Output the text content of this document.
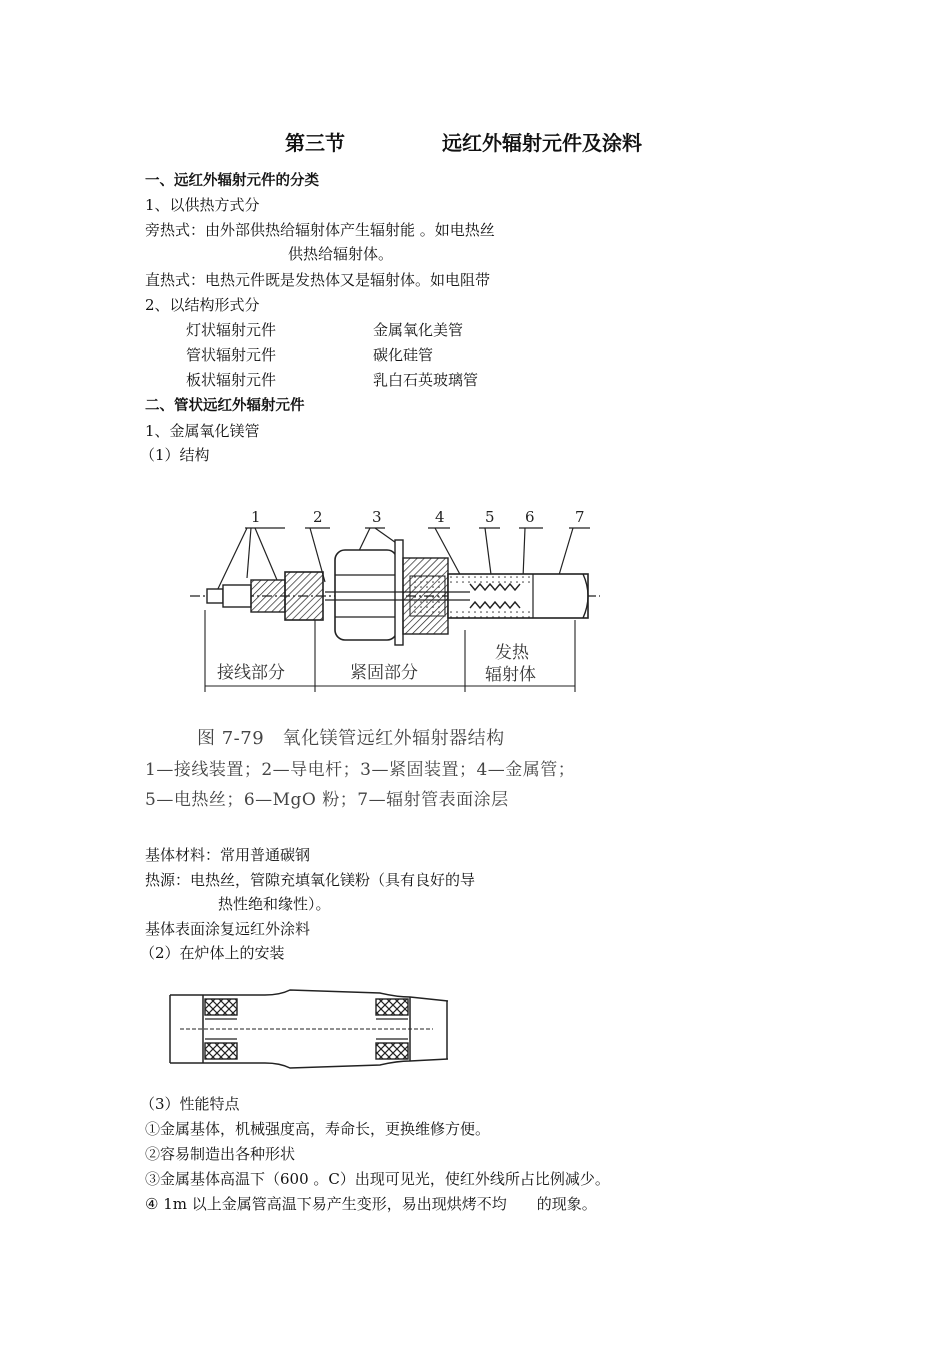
第三节	远红外辐射元件及涂料
一、远红外辐射元件的分类
1、以供热方式分
旁热式：由外部供热给辐射体产生辐射能 。如电热丝
供热给辐射体。
直热式：电热元件既是发热体又是辐射体。如电阻带
2、以结构形式分
灯状辐射元件	金属氧化美管
管状辐射元件	碳化硅管
板状辐射元件	乳白石英玻璃管
二、管状远红外辐射元件
1、金属氧化镁管
（1）结构
1	2	3	4	5 6	7
接线部分	紧固部分
发热
辐射体
图 7-79　氧化镁管远红外辐射器结构
1—接线装置；2—导电杆；3—紧固装置；4—金属管；
5—电热丝；6—MgO 粉；7—辐射管表面涂层
基体材料：常用普通碳钢
热源：电热丝，管隙充填氧化镁粉（具有良好的导
热性绝和缘性）。
基体表面涂复远红外涂料
（2）在炉体上的安装
（3）性能特点
①金属基体，机械强度高，寿命长，更换维修方便。
②容易制造出各种形状
③金属基体高温下（600 。C）出现可见光，使红外线所占比例减少。
④ 1m 以上金属管高温下易产生变形，易出现烘烤不均　　的现象。
